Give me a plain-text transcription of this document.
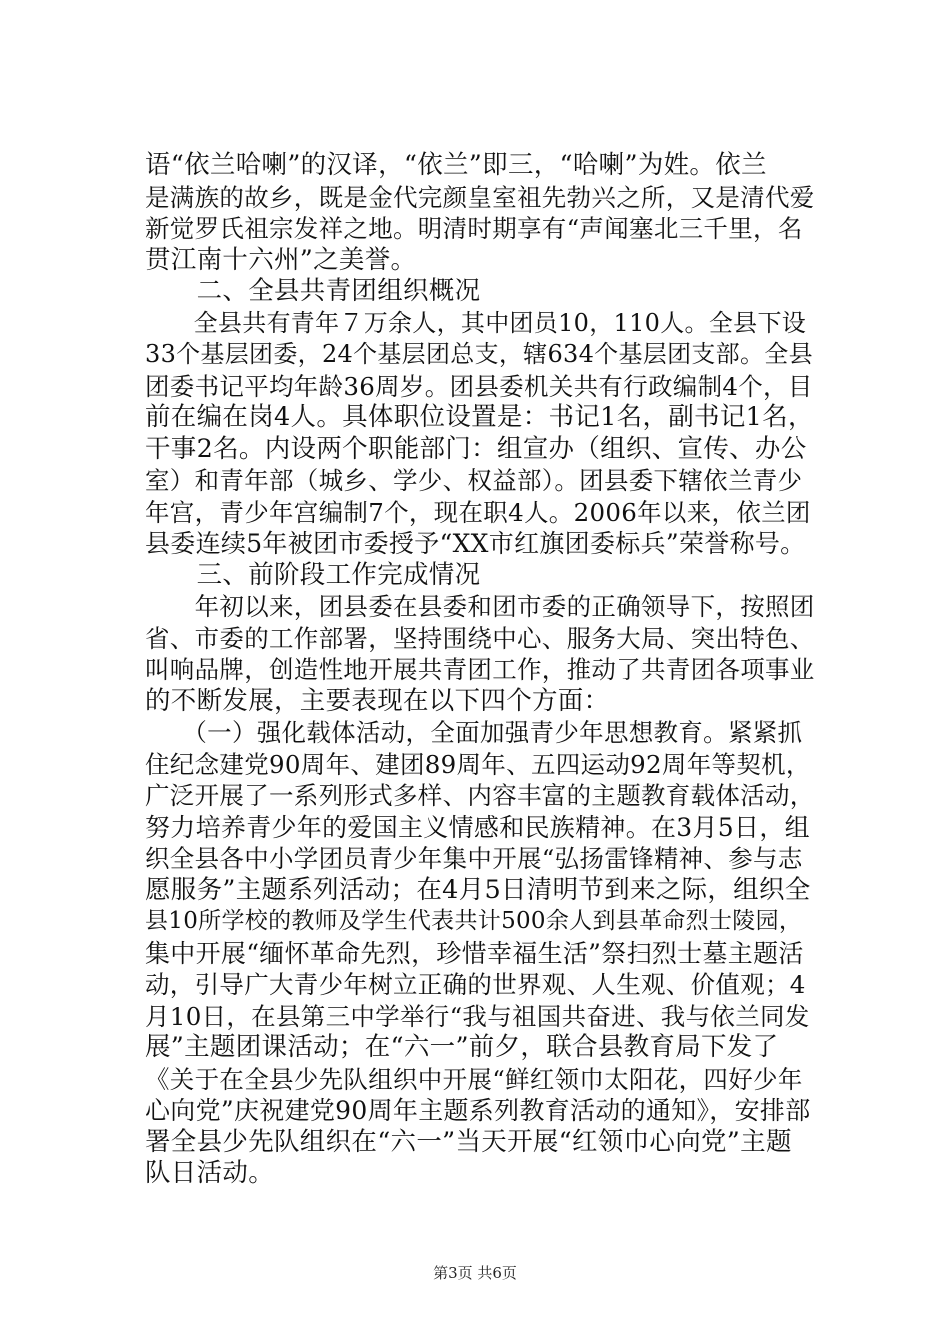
语“依兰哈喇”的汉译，“依兰”即三，“哈喇”为姓。依兰
是满族的故乡，既是金代完颜皇室祖先勃兴之所，又是清代爱
新觉罗氏祖宗发祥之地。明清时期享有“声闻塞北三千里，名
贯江南十六州”之美誉。
　　二、全县共青团组织概况
　　全县共有青年７万余人，其中团员10，110人。全县下设
33个基层团委，24个基层团总支，辖634个基层团支部。全县
团委书记平均年龄36周岁。团县委机关共有行政编制4个，目
前在编在岗4人。具体职位设置是：书记1名，副书记1名，
干事2名。内设两个职能部门：组宣办（组织、宣传、办公
室）和青年部（城乡、学少、权益部）。团县委下辖依兰青少
年宫，青少年宫编制7个，现在职4人。2006年以来，依兰团
县委连续5年被团市委授予“XX市红旗团委标兵”荣誉称号。
　　三、前阶段工作完成情况
　　年初以来，团县委在县委和团市委的正确领导下，按照团
省、市委的工作部署，坚持围绕中心、服务大局、突出特色、
叫响品牌，创造性地开展共青团工作，推动了共青团各项事业
的不断发展，主要表现在以下四个方面：
　　（一）强化载体活动，全面加强青少年思想教育。紧紧抓
住纪念建党90周年、建团89周年、五四运动92周年等契机，
广泛开展了一系列形式多样、内容丰富的主题教育载体活动，
努力培养青少年的爱国主义情感和民族精神。在3月5日，组
织全县各中小学团员青少年集中开展“弘扬雷锋精神、参与志
愿服务”主题系列活动；在4月5日清明节到来之际，组织全
县10所学校的教师及学生代表共计500余人到县革命烈士陵园，
集中开展“缅怀革命先烈，珍惜幸福生活”祭扫烈士墓主题活
动，引导广大青少年树立正确的世界观、人生观、价值观；4
月10日，在县第三中学举行“我与祖国共奋进、我与依兰同发
展”主题团课活动；在“六一”前夕，联合县教育局下发了
《关于在全县少先队组织中开展“鲜红领巾太阳花，四好少年
心向党”庆祝建党90周年主题系列教育活动的通知》，安排部
署全县少先队组织在“六一”当天开展“红领巾心向党”主题
队日活动。
第3页 共6页
